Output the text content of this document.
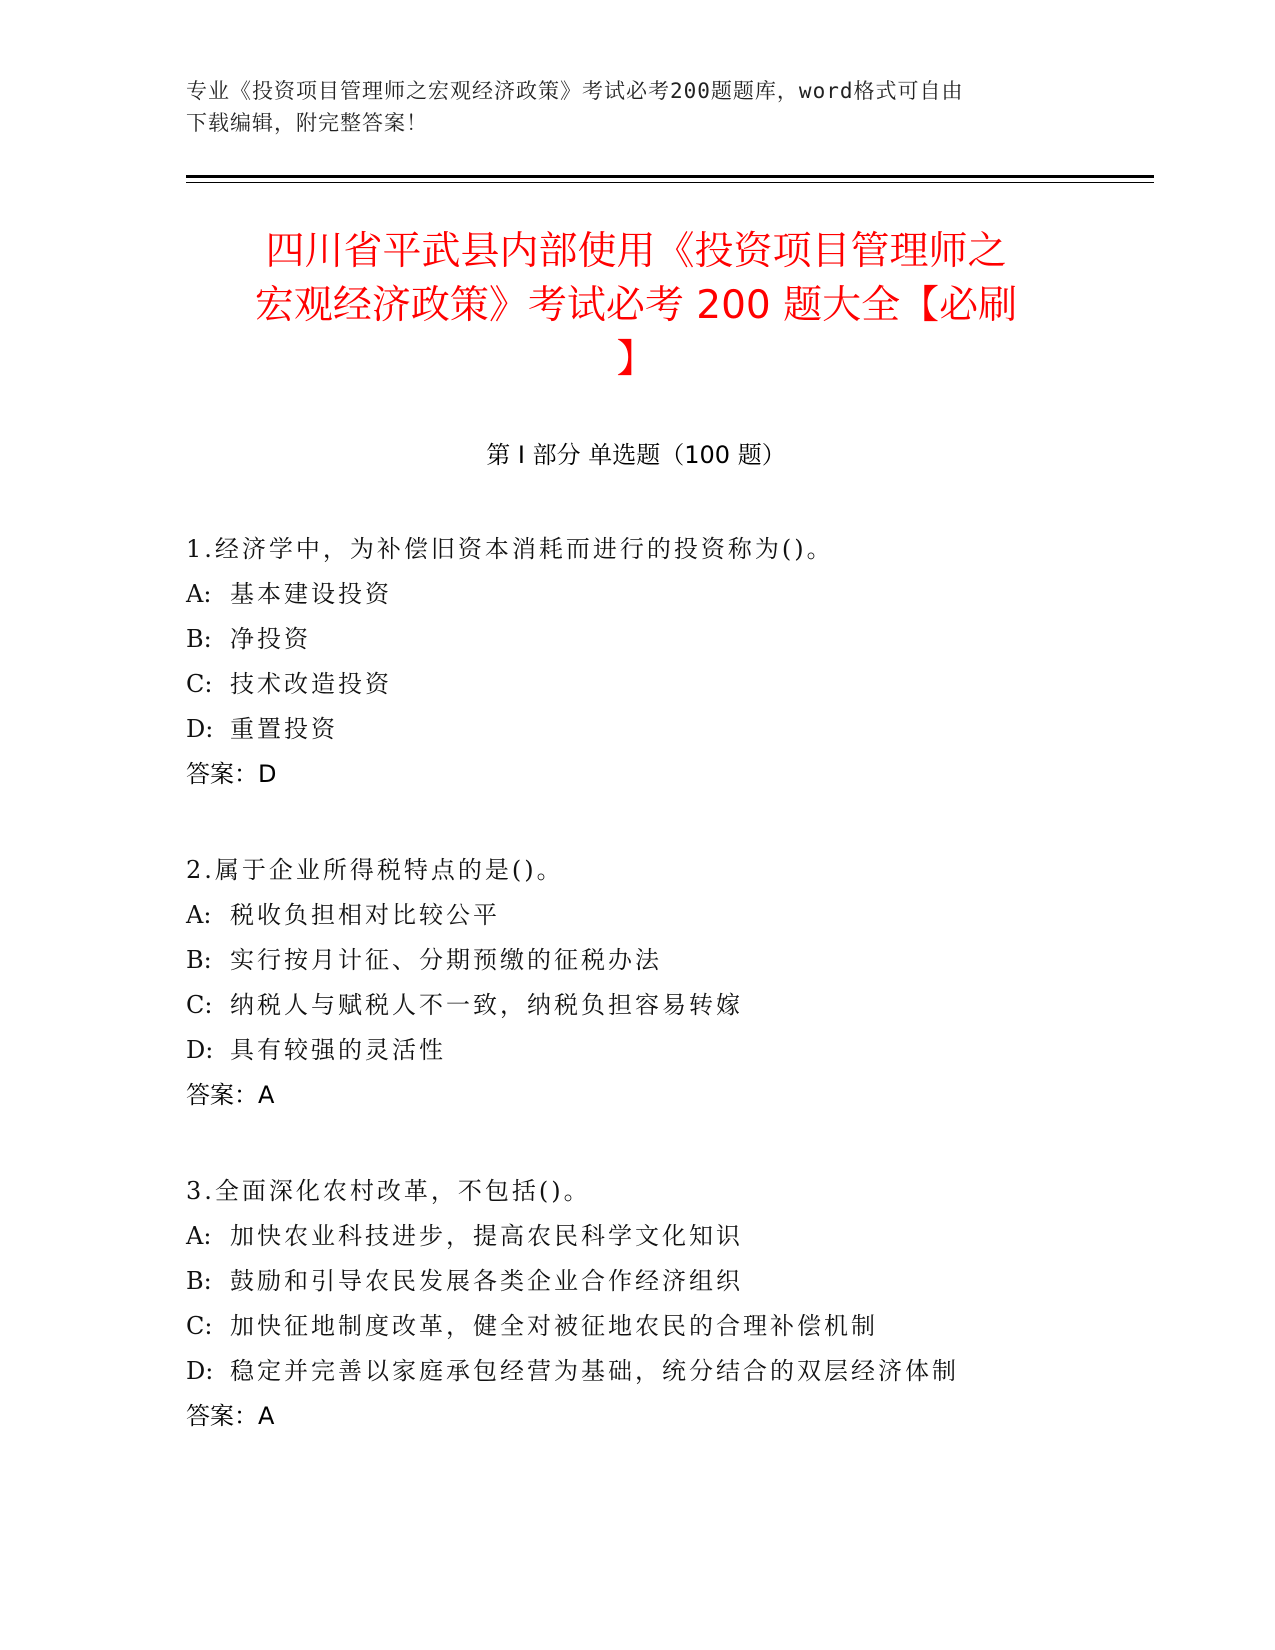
专业《投资项目管理师之宏观经济政策》考试必考200题题库，word格式可自由
下载编辑，附完整答案！
四川省平武县内部使用《投资项目管理师之
宏观经济政策》考试必考 200 题大全【必刷
】
第 I 部分 单选题（100 题）
1.经济学中，为补偿旧资本消耗而进行的投资称为()。
A: 基本建设投资
B: 净投资
C: 技术改造投资
D: 重置投资
答案：D
2.属于企业所得税特点的是()。
A: 税收负担相对比较公平
B: 实行按月计征、分期预缴的征税办法
C: 纳税人与赋税人不一致，纳税负担容易转嫁
D: 具有较强的灵活性
答案：A
3.全面深化农村改革，不包括()。
A: 加快农业科技进步，提高农民科学文化知识
B: 鼓励和引导农民发展各类企业合作经济组织
C: 加快征地制度改革，健全对被征地农民的合理补偿机制
D: 稳定并完善以家庭承包经营为基础，统分结合的双层经济体制
答案：A
